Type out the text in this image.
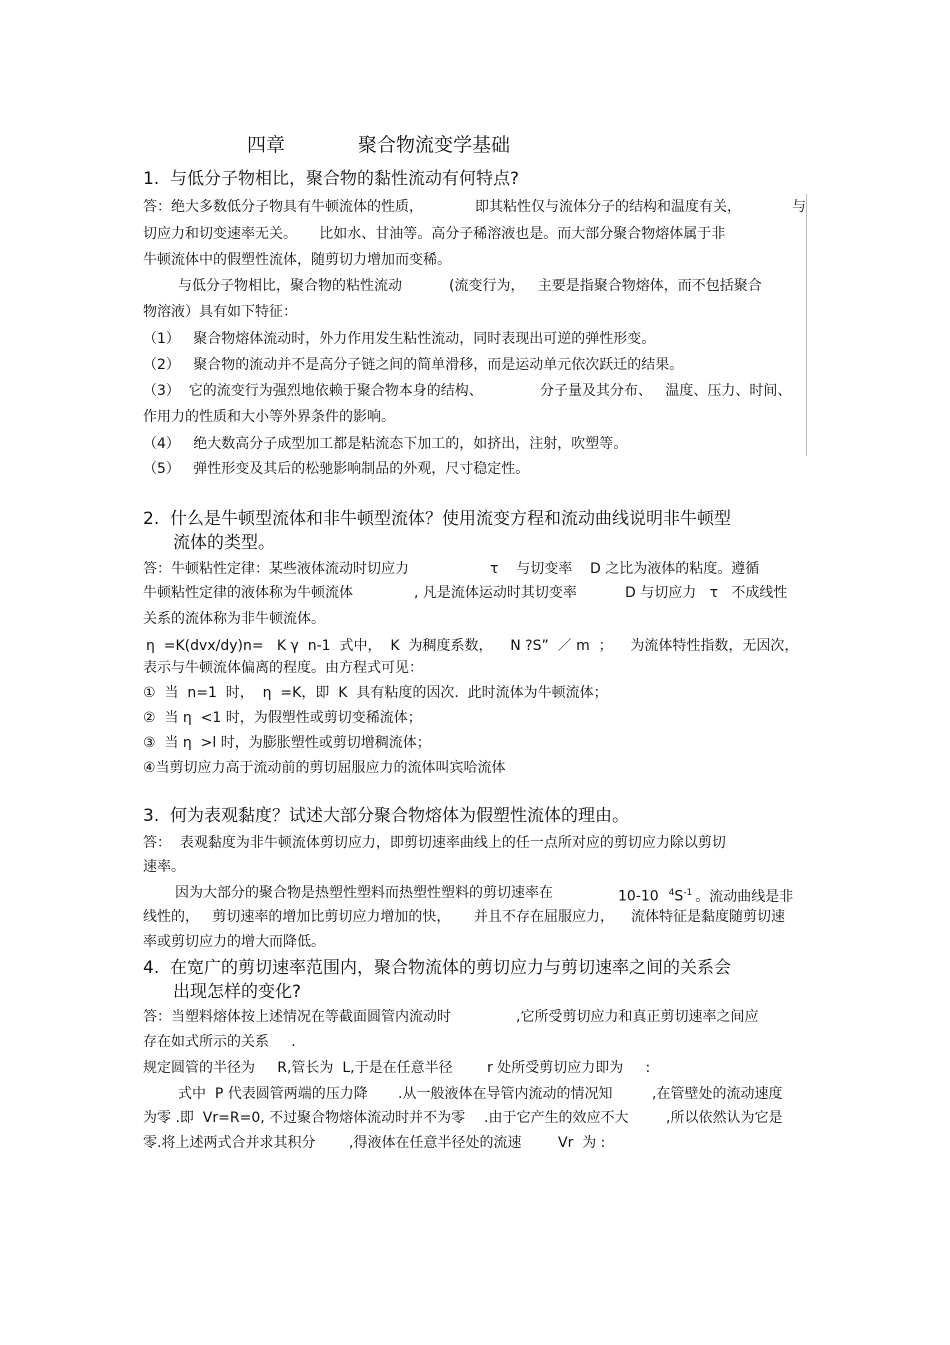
四章	聚合物流变学基础
1.  与低分子物相比，聚合物的黏性流动有何特点?
答：绝大多数低分子物具有牛顿流体的性质，	即其粘性仅与流体分子的结构和温度有关，	与
切应力和切变速率无关。     比如水、甘油等。高分子稀溶液也是。而大部分聚合物熔体属于非
牛顿流体中的假塑性流体，随剪切力增加而变稀。
与低分子物相比，聚合物的粘性流动	(流变行为，   主要是指聚合物熔体，而不包括聚合
物溶液）具有如下特征：
（1）   聚合物熔体流动时，外力作用发生粘性流动，同时表现出可逆的弹性形变。
（2）   聚合物的流动并不是高分子链之间的简单滑移，而是运动单元依次跃迁的结果。
（3）  它的流变行为强烈地依赖于聚合物本身的结构、	分子量及其分布、   温度、压力、时间、
作用力的性质和大小等外界条件的影响。
（4）   绝大数高分子成型加工都是粘流态下加工的，如挤出，注射，吹塑等。
（5）   弹性形变及其后的松驰影响制品的外观，尺寸稳定性。
2.  什么是牛顿型流体和非牛顿型流体？使用流变方程和流动曲线说明非牛顿型
流体的类型。
答：牛顿粘性定律：某些液体流动时切应力	τ    与切变率    D 之比为液体的粘度。遵循
牛顿粘性定律的液体称为牛顿流体	, 凡是流体运动时其切变率	D 与切应力   τ   不成线性
关系的流体称为非牛顿流体。
η  =K(dvx/dy)n=   K γ  n-1  式中，  K  为稠度系数，    N ?S”  ／ m  ；    为流体特性指数，无因次，
表示与牛顿流体偏离的程度。由方程式可见：
①  当  n=1  时，  η  =K，即  K  具有粘度的因次.  此时流体为牛顿流体；
②  当 η  <1 时，为假塑性或剪切变稀流体；
③  当 η  >l 时，为膨胀塑性或剪切增稠流体；
④当剪切应力高于流动前的剪切屈服应力的流体叫宾哈流体
3.  何为表观黏度？试述大部分聚合物熔体为假塑性流体的理由。
答：  表观黏度为非牛顿流体剪切应力，即剪切速率曲线上的任一点所对应的剪切应力除以剪切
速率。
因为大部分的聚合物是热塑性塑料而热塑性塑料的剪切速率在	10-10 $^4S^{-1}$ 。流动曲线是非
线性的，   剪切速率的增加比剪切应力增加的快， 并且不存在屈服应力， 流体特征是黏度随剪切速
率或剪切应力的增大而降低。
4.  在宽广的剪切速率范围内，聚合物流体的剪切应力与剪切速率之间的关系会
出现怎样的变化?
答：当塑料熔体按上述情况在等截面圆管内流动时	,它所受剪切应力和真正剪切速率之间应
存在如式所示的关系     .
规定圆管的半径为     R,管长为  L,于是在任意半径 r 处所受剪切应力即为     :
式中  P 代表圆管两端的压力降 .从一般液体在导管内流动的情况知	,在管壁处的流动速度
为零 .即  Vr=R=0, 不过聚合物熔体流动时并不为零 .由于它产生的效应不大	,所以依然认为它是
零.将上述两式合并求其积分 ,得液体在任意半径处的流速	Vr  为 :
